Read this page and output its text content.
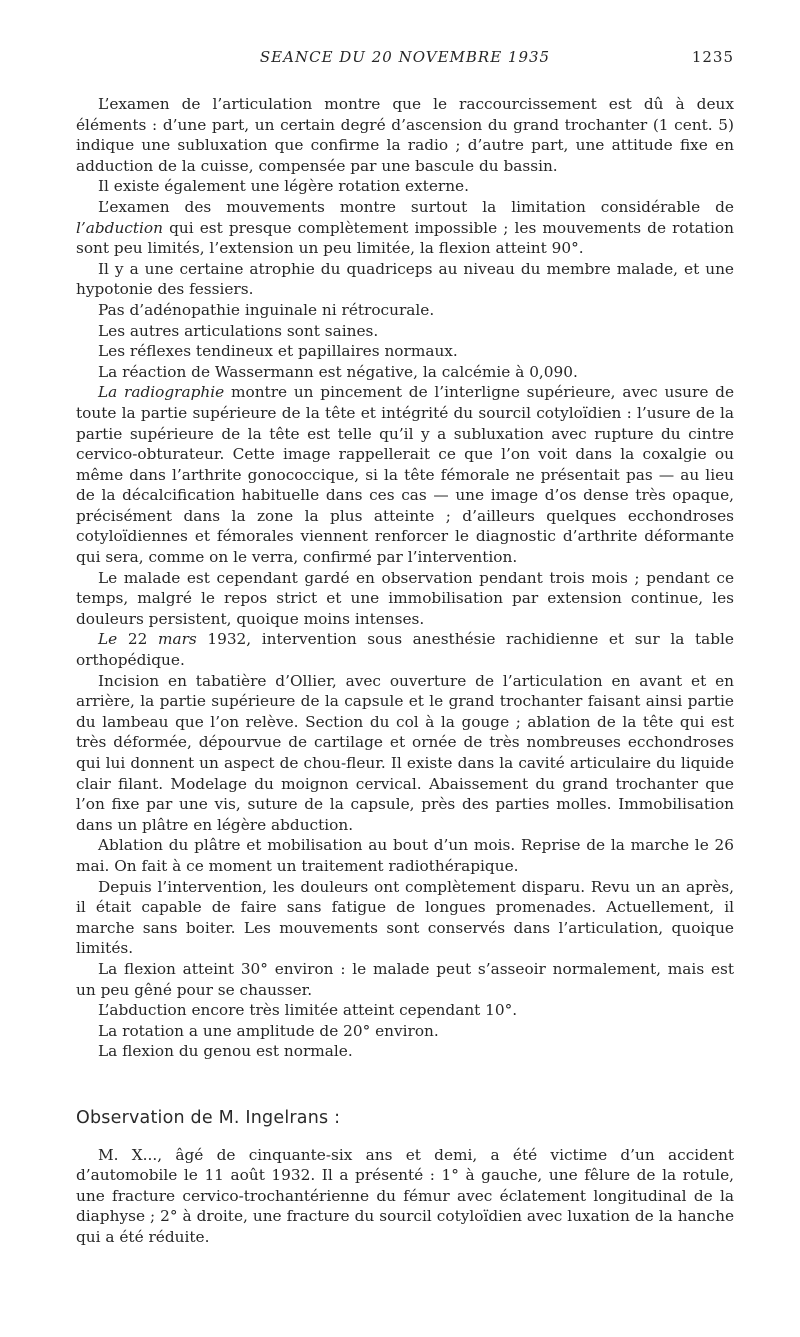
SEANCE DU 20 NOVEMBRE 1935	1235

L’examen de l’articulation montre que le raccourcissement est dû à deux éléments : d’une part, un certain degré d’ascension du grand trochanter (1 cent. 5) indique une subluxation que confirme la radio ; d’autre part, une attitude fixe en adduction de la cuisse, compensée par une bascule du bassin.

Il existe également une légère rotation externe.

L’examen des mouvements montre surtout la limitation considérable de l’abduction qui est presque complètement impossible ; les mouvements de rotation sont peu limités, l’extension un peu limitée, la flexion atteint 90°.

Il y a une certaine atrophie du quadriceps au niveau du membre malade, et une hypotonie des fessiers.

Pas d’adénopathie inguinale ni rétrocurale.

Les autres articulations sont saines.

Les réflexes tendineux et papillaires normaux.

La réaction de Wassermann est négative, la calcémie à 0,090.

La radiographie montre un pincement de l’interligne supérieure, avec usure de toute la partie supérieure de la tête et intégrité du sourcil cotyloïdien : l’usure de la partie supérieure de la tête est telle qu’il y a subluxation avec rupture du cintre cervico-obturateur. Cette image rappellerait ce que l’on voit dans la coxalgie ou même dans l’arthrite gonococcique, si la tête fémorale ne présentait pas — au lieu de la décalcification habituelle dans ces cas — une image d’os dense très opaque, précisément dans la zone la plus atteinte ; d’ailleurs quelques ecchondroses cotyloïdiennes et fémorales viennent renforcer le diagnostic d’arthrite déformante qui sera, comme on le verra, confirmé par l’intervention.

Le malade est cependant gardé en observation pendant trois mois ; pendant ce temps, malgré le repos strict et une immobilisation par extension continue, les douleurs persistent, quoique moins intenses.

Le 22 mars 1932, intervention sous anesthésie rachidienne et sur la table orthopédique.

Incision en tabatière d’Ollier, avec ouverture de l’articulation en avant et en arrière, la partie supérieure de la capsule et le grand trochanter faisant ainsi partie du lambeau que l’on relève. Section du col à la gouge ; ablation de la tête qui est très déformée, dépourvue de cartilage et ornée de très nombreuses ecchondroses qui lui donnent un aspect de chou-fleur. Il existe dans la cavité articulaire du liquide clair filant. Modelage du moignon cervical. Abaissement du grand trochanter que l’on fixe par une vis, suture de la capsule, près des parties molles. Immobilisation dans un plâtre en légère abduction.

Ablation du plâtre et mobilisation au bout d’un mois. Reprise de la marche le 26 mai. On fait à ce moment un traitement radiothérapique.

Depuis l’intervention, les douleurs ont complètement disparu. Revu un an après, il était capable de faire sans fatigue de longues promenades. Actuellement, il marche sans boiter. Les mouvements sont conservés dans l’articulation, quoique limités.

La flexion atteint 30° environ : le malade peut s’asseoir normalement, mais est un peu gêné pour se chausser.

L’abduction encore très limitée atteint cependant 10°.

La rotation a une amplitude de 20° environ.

La flexion du genou est normale.

Observation de M. Ingelrans :

M. X..., âgé de cinquante-six ans et demi, a été victime d’un accident d’automobile le 11 août 1932. Il a présenté : 1° à gauche, une fêlure de la rotule, une fracture cervico-trochantérienne du fémur avec éclatement longitudinal de la diaphyse ; 2° à droite, une fracture du sourcil cotyloïdien avec luxation de la hanche qui a été réduite.
